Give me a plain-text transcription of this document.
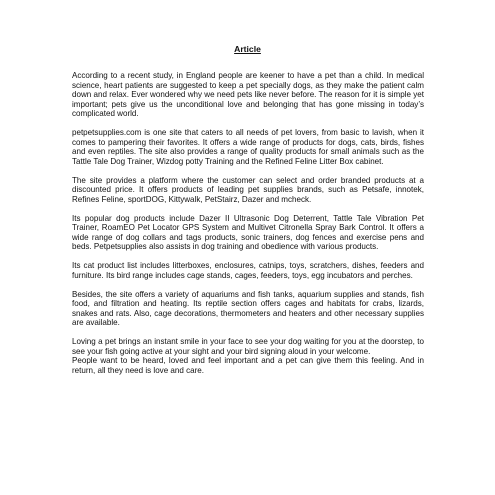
Article

According to a recent study, in England people are keener to have a pet than a child. In medical science, heart patients are suggested to keep a pet specially dogs, as they make the patient calm down and relax. Ever wondered why we need pets like never before. The reason for it is simple yet important; pets give us the unconditional love and belonging that has gone missing in today’s complicated world.

petpetsupplies.com is one site that caters to all needs of pet lovers, from basic to lavish, when it comes to pampering their favorites. It offers a wide range of products for dogs, cats, birds, fishes and even reptiles. The site also provides a range of quality products for small animals such as the Tattle Tale Dog Trainer, Wizdog potty Training and the Refined Feline Litter Box cabinet.

The site provides a platform where the customer can select and order branded products at a discounted price. It offers products of leading pet supplies brands, such as Petsafe, innotek, Refines Feline, sportDOG, Kittywalk, PetStairz, Dazer and mcheck.

Its popular dog products include Dazer II Ultrasonic Dog Deterrent, Tattle Tale Vibration Pet Trainer, RoamEO Pet Locator GPS System and Multivet Citronella Spray Bark Control. It offers a wide range of dog collars and tags products, sonic trainers, dog fences and exercise pens and beds. Petpetsupplies also assists in dog training and obedience with various products.

Its cat product list includes litterboxes, enclosures, catnips, toys, scratchers, dishes, feeders and furniture. Its bird range includes cage stands, cages, feeders, toys, egg incubators and perches.

Besides, the site offers a variety of aquariums and fish tanks, aquarium supplies and stands, fish food, and filtration and heating. Its reptile section offers cages and habitats for crabs, lizards, snakes and rats. Also, cage decorations, thermometers and heaters and other necessary supplies are available.

Loving a pet brings an instant smile in your face to see your dog waiting for you at the doorstep, to see your fish going active at your sight and your bird signing aloud in your welcome.

People want to be heard, loved and feel important and a pet can give them this feeling. And in return, all they need is love and care.
